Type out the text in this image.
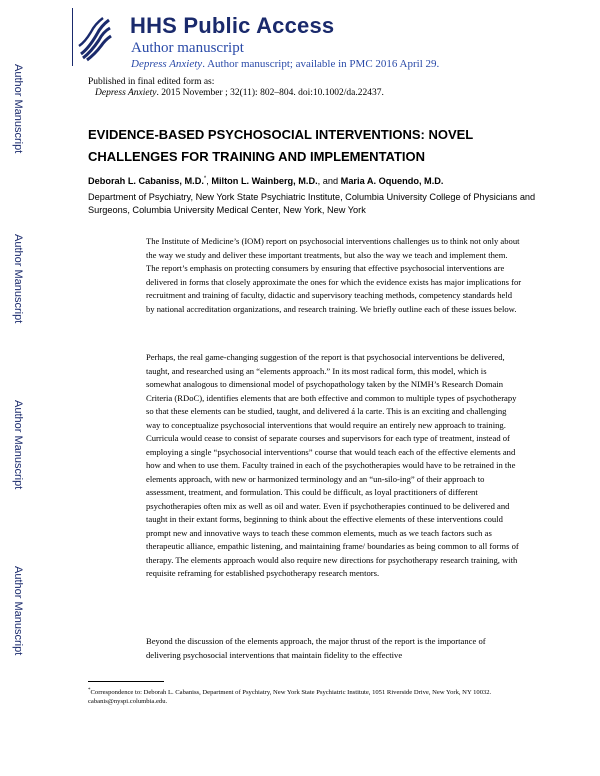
Author Manuscript
Author Manuscript
Author Manuscript
Author Manuscript
HHS Public Access
Author manuscript
Depress Anxiety. Author manuscript; available in PMC 2016 April 29.
Published in final edited form as:
Depress Anxiety. 2015 November ; 32(11): 802–804. doi:10.1002/da.22437.
EVIDENCE-BASED PSYCHOSOCIAL INTERVENTIONS: NOVEL CHALLENGES FOR TRAINING AND IMPLEMENTATION
Deborah L. Cabaniss, M.D.*, Milton L. Wainberg, M.D., and Maria A. Oquendo, M.D.
Department of Psychiatry, New York State Psychiatric Institute, Columbia University College of Physicians and Surgeons, Columbia University Medical Center, New York, New York

The Institute of Medicine’s (IOM) report on psychosocial interventions challenges us to think not only about the way we study and deliver these important treatments, but also the way we teach and implement them. The report’s emphasis on protecting consumers by ensuring that effective psychosocial interventions are delivered in forms that closely approximate the ones for which the evidence exists has major implications for recruitment and training of faculty, didactic and supervisory teaching methods, competency standards held by national accreditation organizations, and research training. We briefly outline each of these issues below.

Perhaps, the real game-changing suggestion of the report is that psychosocial interventions be delivered, taught, and researched using an “elements approach.” In its most radical form, this model, which is somewhat analogous to dimensional model of psychopathology taken by the NIMH’s Research Domain Criteria (RDoC), identifies elements that are both effective and common to multiple types of psychotherapy so that these elements can be studied, taught, and delivered á la carte. This is an exciting and challenging way to conceptualize psychosocial interventions that would require an entirely new approach to training. Curricula would cease to consist of separate courses and supervisors for each type of treatment, instead of employing a single “psychosocial interventions” course that would teach each of the effective elements and how and when to use them. Faculty trained in each of the psychotherapies would have to be retrained in the elements approach, with new or harmonized terminology and an “un-silo-ing” of their approach to assessment, treatment, and formulation. This could be difficult, as loyal practitioners of different psychotherapies often mix as well as oil and water. Even if psychotherapies continued to be delivered and taught in their extant forms, beginning to think about the effective elements of these interventions could prompt new and innovative ways to teach these common elements, much as we teach factors such as therapeutic alliance, empathic listening, and maintaining frame/ boundaries as being common to all forms of therapy. The elements approach would also require new directions for psychotherapy research training, with requisite reframing for established psychotherapy research mentors.

Beyond the discussion of the elements approach, the major thrust of the report is the importance of delivering psychosocial interventions that maintain fidelity to the effective

*Correspondence to: Deborah L. Cabaniss, Department of Psychiatry, New York State Psychiatric Institute, 1051 Riverside Drive, New York, NY 10032. cabanis@nyspi.columbia.edu.
